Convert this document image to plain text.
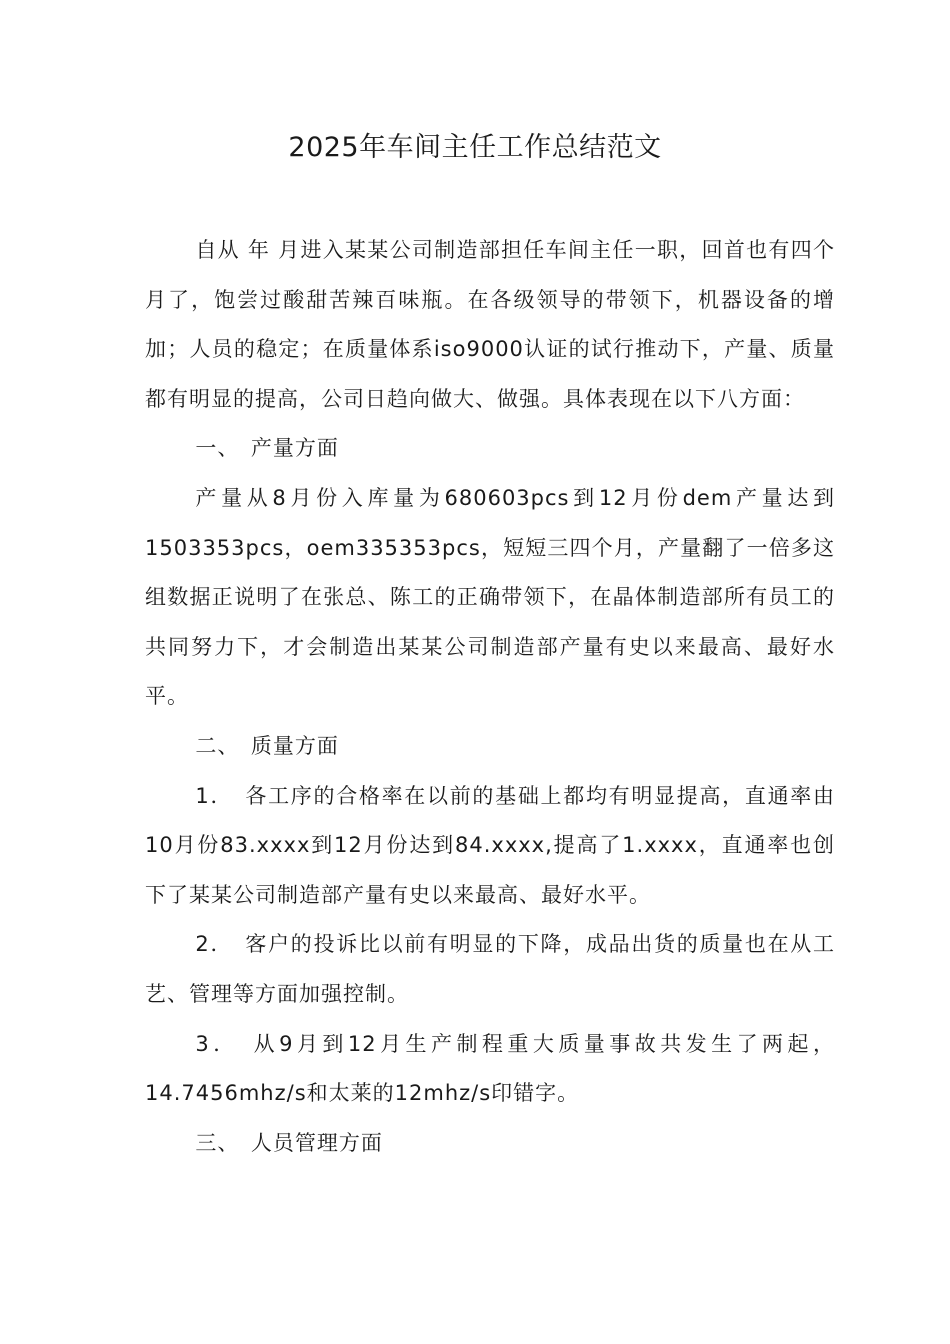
2025年车间主任工作总结范文

自从 年 月进入某某公司制造部担任车间主任一职，回首也有四个月了，饱尝过酸甜苦辣百味瓶。在各级领导的带领下，机器设备的增加；人员的稳定；在质量体系iso9000认证的试行推动下，产量、质量都有明显的提高，公司日趋向做大、做强。具体表现在以下八方面：

一、　产量方面

产量从8月份入库量为680603pcs到12月份dem产量达到1503353pcs，oem335353pcs，短短三四个月，产量翻了一倍多这组数据正说明了在张总、陈工的正确带领下，在晶体制造部所有员工的共同努力下，才会制造出某某公司制造部产量有史以来最高、最好水平。

二、　质量方面

1．　各工序的合格率在以前的基础上都均有明显提高，直通率由10月份83.xxxx到12月份达到84.xxxx,提高了1.xxxx，直通率也创下了某某公司制造部产量有史以来最高、最好水平。

2．　客户的投诉比以前有明显的下降，成品出货的质量也在从工艺、管理等方面加强控制。

3．　从9月到12月生产制程重大质量事故共发生了两起，14.7456mhz/s和太莱的12mhz/s印错字。

三、　人员管理方面
